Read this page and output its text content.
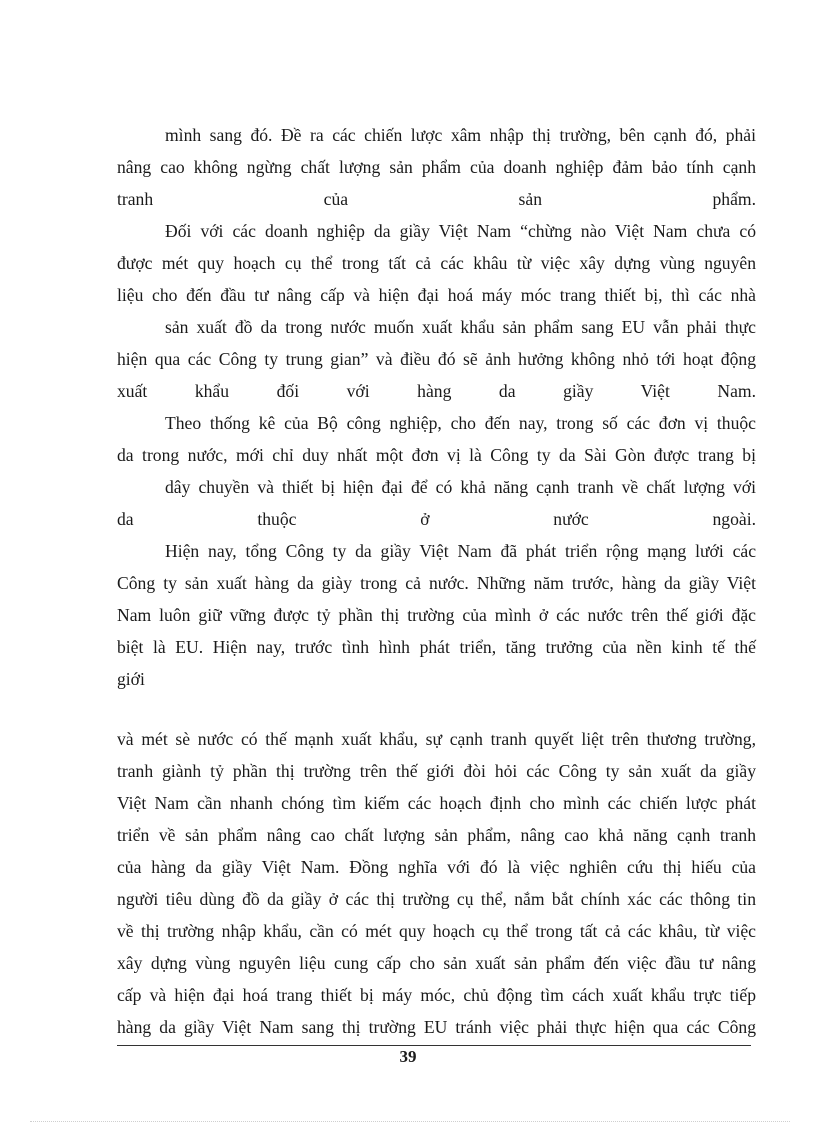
mình sang đó. Đề ra các chiến lược xâm nhập thị trường, bên cạnh đó, phải
nâng cao không ngừng chất lượng sản phẩm của doanh nghiệp đảm bảo tính cạnh
tranh của sản phẩm.
Đối với các doanh nghiệp da giầy Việt Nam “chừng nào Việt Nam chưa có
được mét quy hoạch cụ thể trong tất cả các khâu từ việc xây dựng vùng nguyên
liệu cho đến đầu tư nâng cấp và hiện đại hoá máy móc trang thiết bị, thì các nhà
sản xuất đồ da trong nước muốn xuất khẩu sản phẩm sang EU vẫn phải thực
hiện qua các Công ty trung gian” và điều đó sẽ ảnh hưởng không nhỏ tới hoạt động
xuất khẩu đối với hàng da giầy Việt Nam.
Theo thống kê của Bộ công nghiệp, cho đến nay, trong số các đơn vị thuộc
da trong nước, mới chỉ duy nhất một đơn vị là Công ty da Sài Gòn được trang bị
dây chuyền và thiết bị hiện đại để có khả năng cạnh tranh về chất lượng với
da thuộc ở nước ngoài.
Hiện nay, tổng Công ty da giầy Việt Nam đã phát triển rộng mạng lưới các
Công ty sản xuất hàng da giày trong cả nước. Những năm trước, hàng da giầy Việt
Nam luôn giữ vững được tỷ phần thị trường của mình ở các nước trên thế giới đặc
biệt là EU. Hiện nay, trước tình hình phát triển, tăng trưởng của nền kinh tế thế
giới
và mét sè nước có thế mạnh xuất khẩu, sự cạnh tranh quyết liệt trên thương trường,
tranh giành tỷ phần thị trường trên thế giới đòi hỏi các Công ty sản xuất da giầy
Việt Nam cần nhanh chóng tìm kiếm các hoạch định cho mình các chiến lược phát
triển về sản phẩm nâng cao chất lượng sản phẩm, nâng cao khả năng cạnh tranh
của hàng da giầy Việt Nam. Đồng nghĩa với đó là việc nghiên cứu thị hiếu của
người tiêu dùng đồ da giầy ở các thị trường cụ thể, nắm bắt chính xác các thông tin
về thị trường nhập khẩu, cần có mét quy hoạch cụ thể trong tất cả các khâu, từ việc
xây dựng vùng nguyên liệu cung cấp cho sản xuất sản phẩm đến việc đầu tư nâng
cấp và hiện đại hoá trang thiết bị máy móc, chủ động tìm cách xuất khẩu trực tiếp
hàng da giầy Việt Nam sang thị trường EU tránh việc phải thực hiện qua các Công
39
